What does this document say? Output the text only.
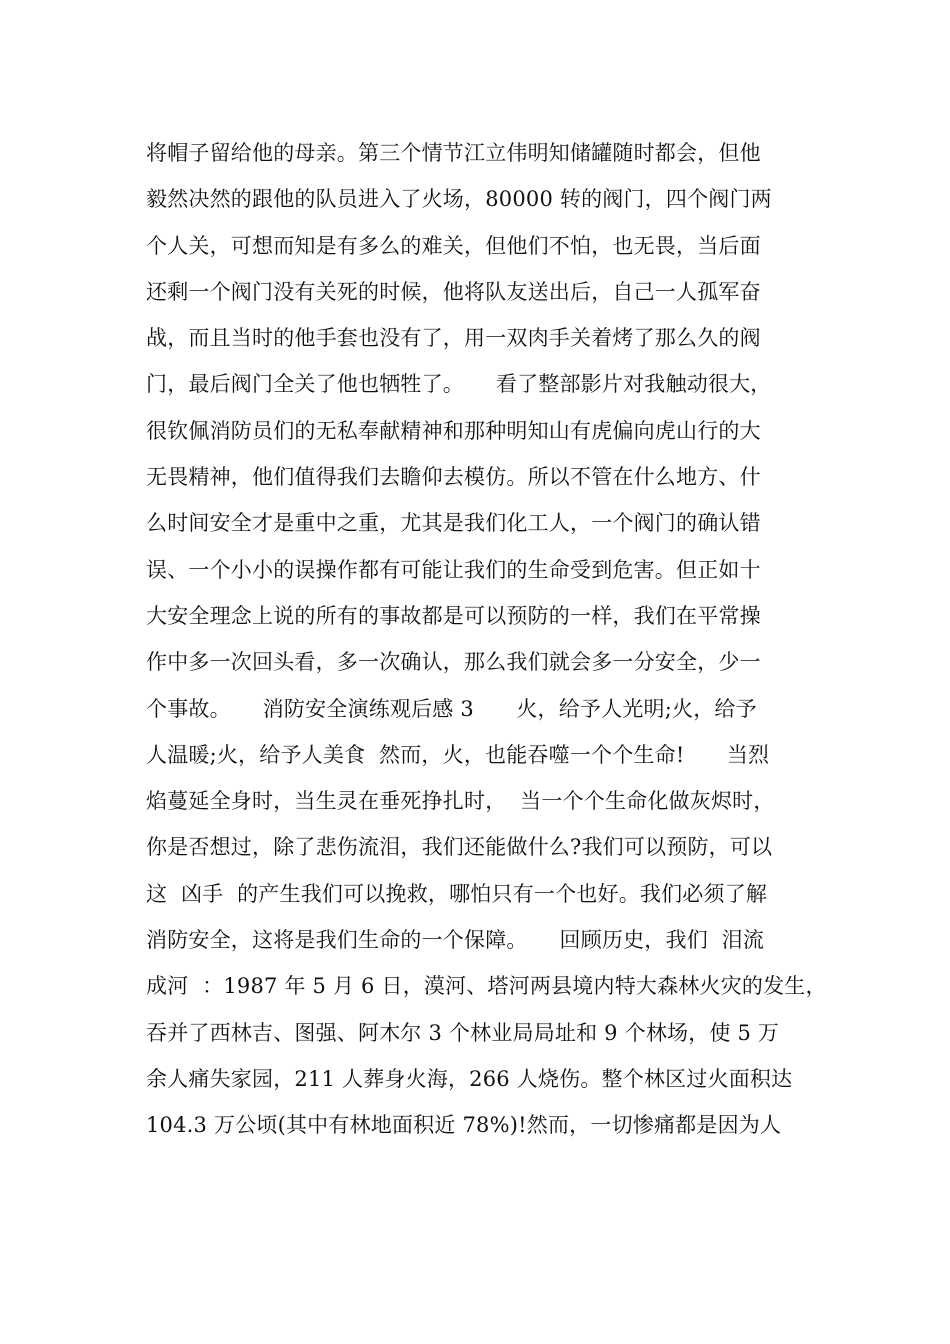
将帽子留给他的母亲。第三个情节江立伟明知储罐随时都会，但他
毅然决然的跟他的队员进入了火场，80000 转的阀门，四个阀门两
个人关，可想而知是有多么的难关，但他们不怕，也无畏，当后面
还剩一个阀门没有关死的时候，他将队友送出后，自己一人孤军奋
战，而且当时的他手套也没有了，用一双肉手关着烤了那么久的阀
门，最后阀门全关了他也牺牲了。　　看了整部影片对我触动很大，
很钦佩消防员们的无私奉献精神和那种明知山有虎偏向虎山行的大
无畏精神，他们值得我们去瞻仰去模仿。所以不管在什么地方、什
么时间安全才是重中之重，尤其是我们化工人，一个阀门的确认错
误、一个小小的误操作都有可能让我们的生命受到危害。但正如十
大安全理念上说的所有的事故都是可以预防的一样，我们在平常操
作中多一次回头看，多一次确认，那么我们就会多一分安全，少一
个事故。　　消防安全演练观后感 3　　火，给予人光明;火，给予
人温暖;火，给予人美食  然而，火，也能吞噬一个个生命!　　当烈
焰蔓延全身时，当生灵在垂死挣扎时，  当一个个生命化做灰烬时，
你是否想过，除了悲伤流泪，我们还能做什么?我们可以预防，可以
这  凶手  的产生我们可以挽救，哪怕只有一个也好。我们必须了解
消防安全，这将是我们生命的一个保障。　　回顾历史，我们  泪流
成河  ：1987 年 5 月 6 日，漠河、塔河两县境内特大森林火灾的发生，
吞并了西林吉、图强、阿木尔 3 个林业局局址和 9 个林场，使 5 万
余人痛失家园，211 人葬身火海，266 人烧伤。整个林区过火面积达
104.3 万公顷(其中有林地面积近 78%)!然而，一切惨痛都是因为人
